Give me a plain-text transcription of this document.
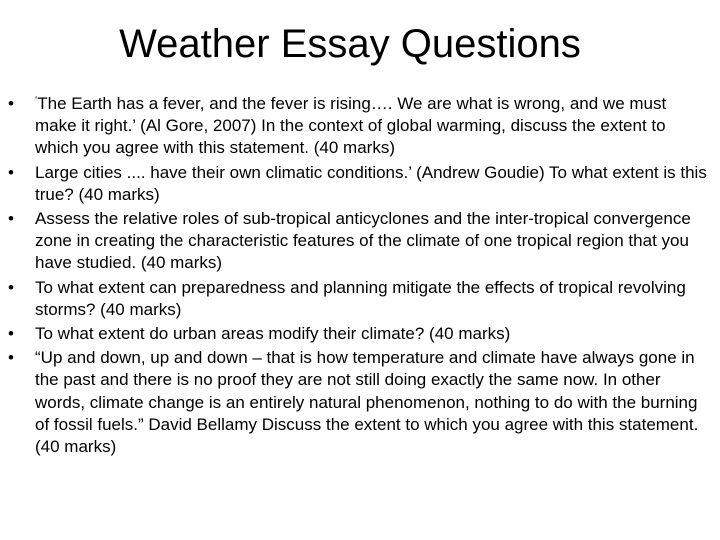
Weather Essay Questions
• ‘The Earth has a fever, and the fever is rising…. We are what is wrong, and we must make it right.’ (Al Gore, 2007) In the context of global warming, discuss the extent to which you agree with this statement. (40 marks)
• Large cities .... have their own climatic conditions.’ (Andrew Goudie) To what extent is this true? (40 marks)
• Assess the relative roles of sub-tropical anticyclones and the inter-tropical convergence zone in creating the characteristic features of the climate of one tropical region that you have studied. (40 marks)
• To what extent can preparedness and planning mitigate the effects of tropical revolving storms? (40 marks)
• To what extent do urban areas modify their climate? (40 marks)
• “Up and down, up and down – that is how temperature and climate have always gone in the past and there is no proof they are not still doing exactly the same now. In other words, climate change is an entirely natural phenomenon, nothing to do with the burning of fossil fuels.” David Bellamy Discuss the extent to which you agree with this statement. (40 marks)
